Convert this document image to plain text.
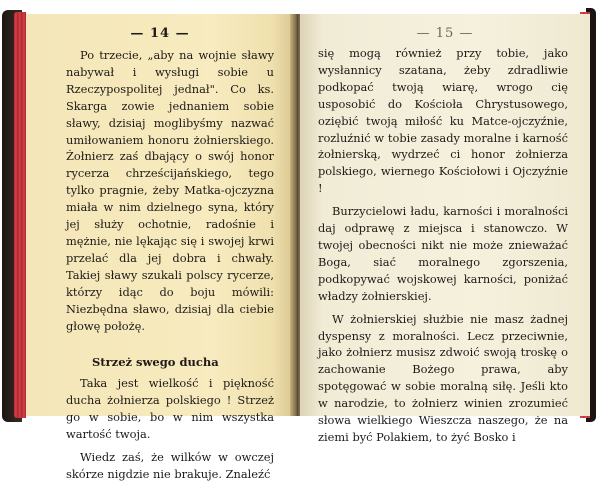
— 14 —

Po trzecie, „aby na wojnie sławy nabywał i wysługi sobie u Rzeczypospolitej jednał". Co ks. Skarga zowie jednaniem sobie sławy, dzisiaj moglibyśmy nazwać umiłowaniem honoru żołnierskiego. Żołnierz zaś dbający o swój honor rycerza chrześcijańskiego, tego tylko pragnie, żeby Matka-ojczyzna miała w nim dzielnego syna, który jej służy ochotnie, radośnie i mężnie, nie lękając się i swojej krwi przelać dla jej dobra i chwały. Takiej sławy szukali polscy rycerze, którzy idąc do boju mówili: Niezbędna sławo, dzisiaj dla ciebie głowę położę.

Strzeż swego ducha

Taka jest wielkość i piękność ducha żołnierza polskiego ! Strzeż go w sobie, bo w nim wszystka wartość twoja.

Wiedz zaś, że wilków w owczej skórze nigdzie nie brakuje. Znaleźć

— 15 —

się mogą również przy tobie, jako wysłannicy szatana, żeby zdradliwie podkopać twoją wiarę, wrogo cię usposobić do Kościoła Chrystusowego, oziębić twoją miłość ku Matce-ojczyźnie, rozluźnić w tobie zasady moralne i karność żołnierską, wydrzeć ci honor żołnierza polskiego, wiernego Kościołowi i Ojczyźnie !

Burzycielowi ładu, karności i moralności daj odprawę z miejsca i stanowczo. W twojej obecności nikt nie może znieważać Boga, siać moralnego zgorszenia, podkopywać wojskowej karności, poniżać władzy żołnierskiej.

W żołnierskiej służbie nie masz żadnej dyspensy z moralności. Lecz przeciwnie, jako żołnierz musisz zdwoić swoją troskę o zachowanie Bożego prawa, aby spotęgować w sobie moralną siłę. Jeśli kto w narodzie, to żołnierz winien zrozumieć słowa wielkiego Wieszcza naszego, że na ziemi być Polakiem, to żyć Bosko i
